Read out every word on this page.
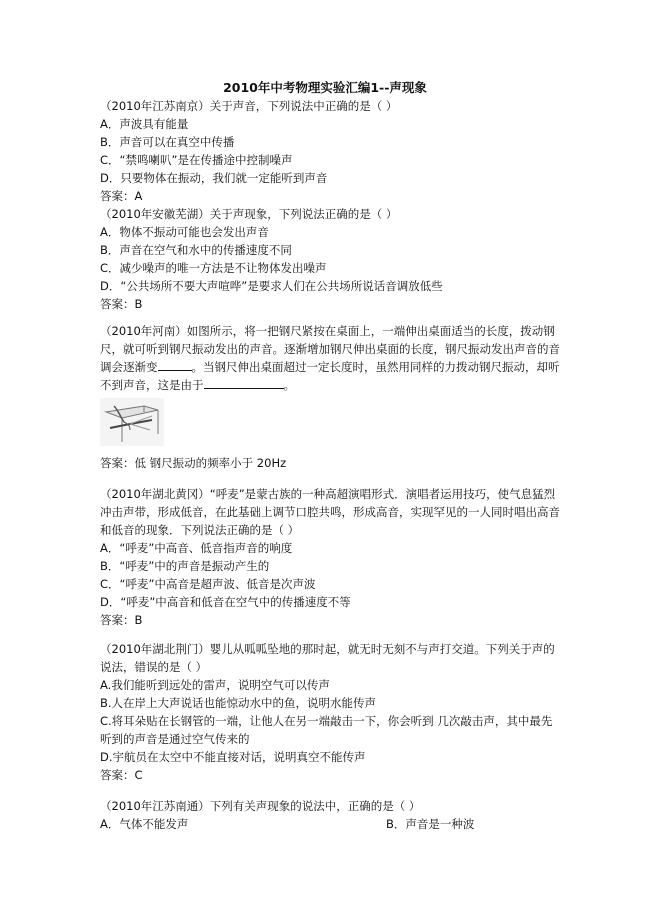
2010年中考物理实验汇编1--声现象
（2010年江苏南京）关于声音，下列说法中正确的是（ ）
A．声波具有能量
B．声音可以在真空中传播
C．“禁鸣喇叭”是在传播途中控制噪声
D．只要物体在振动，我们就一定能听到声音
答案：A
（2010年安徽芜湖）关于声现象，下列说法正确的是（ ）
A．物体不振动可能也会发出声音
B．声音在空气和水中的传播速度不同
C．减少噪声的唯一方法是不让物体发出噪声
D．“公共场所不要大声喧哗”是要求人们在公共场所说话音调放低些
答案：B
（2010年河南）如图所示，将一把钢尺紧按在桌面上，一端伸出桌面适当的长度，拨动钢
尺，就可听到钢尺振动发出的声音。逐渐增加钢尺伸出桌面的长度，钢尺振动发出声音的音
调会逐渐变	。当钢尺伸出桌面超过一定长度时，虽然用同样的力拨动钢尺振动，却听
不到声音，这是由于	。
答案：低 钢尺振动的频率小于 20Hz
（2010年湖北黄冈）“呼麦”是蒙古族的一种高超演唱形式．演唱者运用技巧，使气息猛烈
冲击声带，形成低音，在此基础上调节口腔共鸣，形成高音，实现罕见的一人同时唱出高音
和低音的现象．下列说法正确的是（ ）
A．“呼麦”中高音、低音指声音的响度
B．“呼麦”中的声音是振动产生的
C．“呼麦”中高音是超声波、低音是次声波
D．“呼麦”中高音和低音在空气中的传播速度不等
答案：B
（2010年湖北荆门）婴儿从呱呱坠地的那时起，就无时无刻不与声打交道。下列关于声的
说法，错误的是（ ）
A.我们能听到远处的雷声，说明空气可以传声
B.人在岸上大声说话也能惊动水中的鱼，说明水能传声
C.将耳朵贴在长钢管的一端，让他人在另一端敲击一下，你会听到 几次敲击声，其中最先
听到的声音是通过空气传来的
D.宇航员在太空中不能直接对话，说明真空不能传声
答案：C
（2010年江苏南通）下列有关声现象的说法中，正确的是（ ）
A．气体不能发声	B．声音是一种波
